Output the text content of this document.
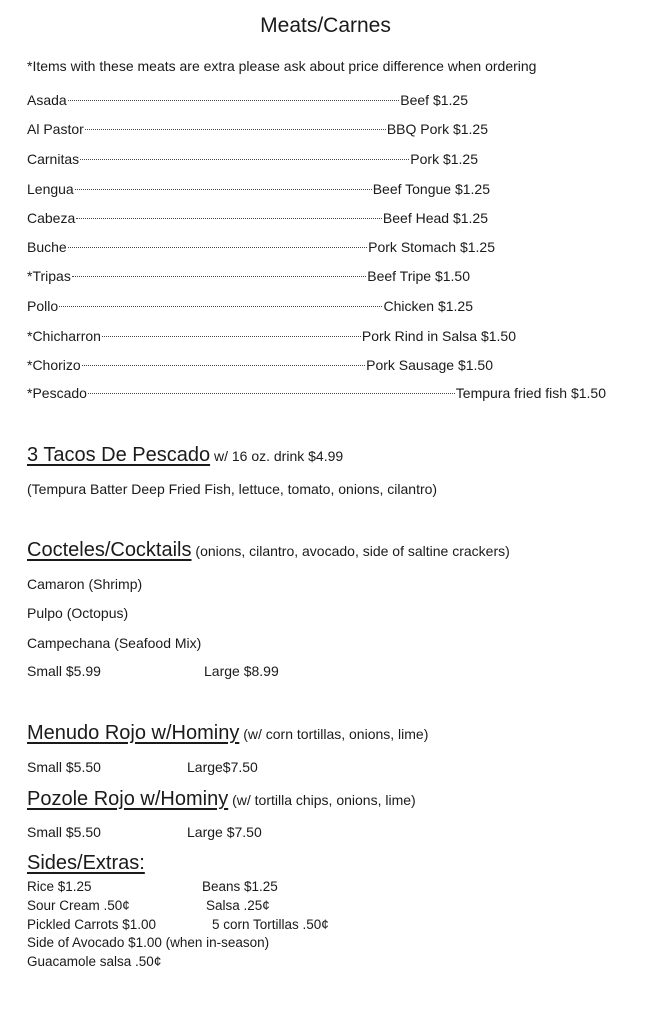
Meats/Carnes
*Items with these meats are extra please ask about price difference when ordering
Asada	Beef $1.25
Al Pastor	BBQ Pork $1.25
Carnitas	Pork $1.25
Lengua	Beef Tongue $1.25
Cabeza	Beef Head $1.25
Buche	Pork Stomach $1.25
*Tripas	Beef Tripe $1.50
Pollo	Chicken $1.25
*Chicharron	Pork Rind in Salsa $1.50
*Chorizo	Pork Sausage $1.50
*Pescado	Tempura fried fish $1.50
3 Tacos De Pescado w/ 16 oz. drink $4.99
(Tempura Batter Deep Fried Fish, lettuce, tomato, onions, cilantro)
Cocteles/Cocktails (onions, cilantro, avocado, side of saltine crackers)
Camaron (Shrimp)
Pulpo (Octopus)
Campechana (Seafood Mix)
Small $5.99	Large $8.99
Menudo Rojo w/Hominy (w/ corn tortillas, onions, lime)
Small $5.50	Large$7.50
Pozole Rojo w/Hominy (w/ tortilla chips, onions, lime)
Small $5.50	Large $7.50
Sides/Extras:
Rice $1.25	Beans $1.25
Sour Cream .50¢	Salsa .25¢
Pickled Carrots $1.00	5 corn Tortillas .50¢
Side of Avocado $1.00 (when in-season)
Guacamole salsa .50¢
